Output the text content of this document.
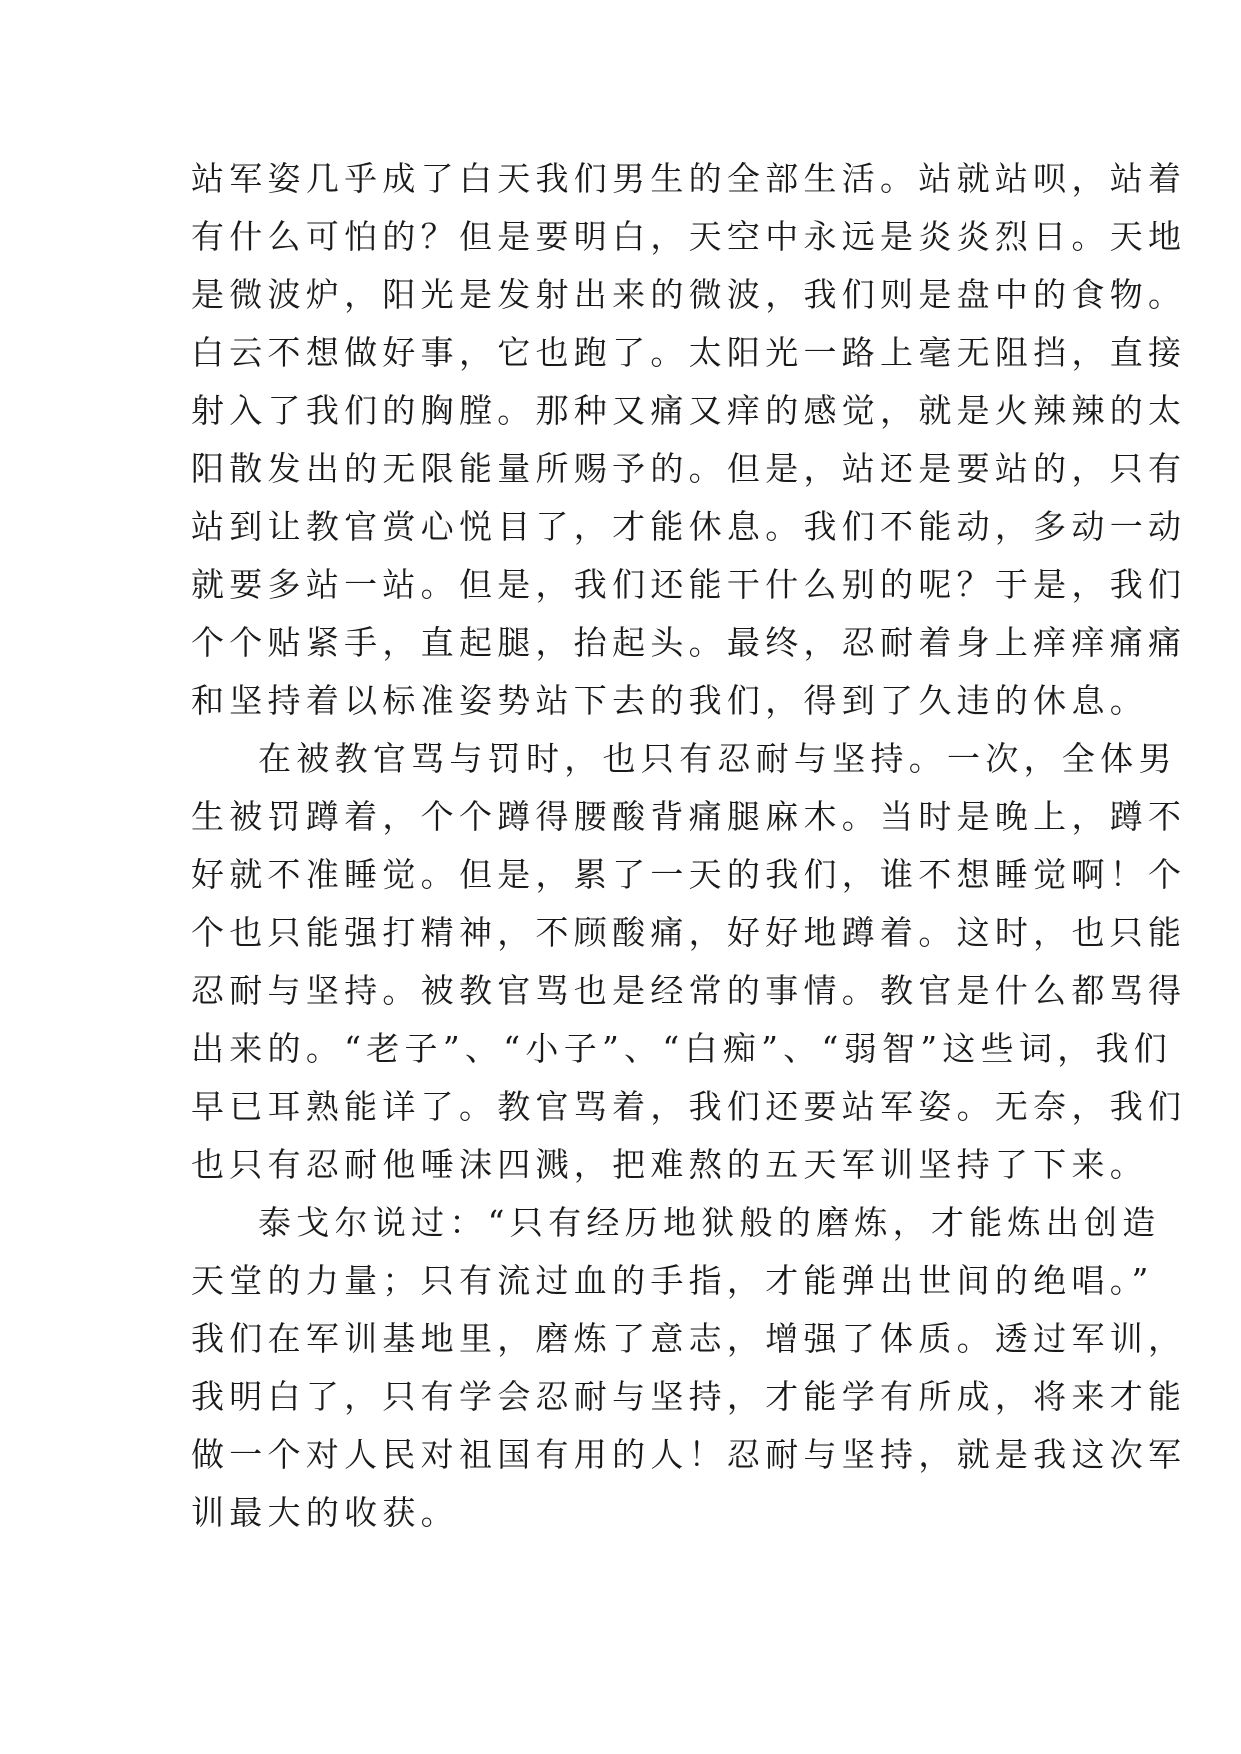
站军姿几乎成了白天我们男生的全部生活。站就站呗，站着
有什么可怕的？但是要明白，天空中永远是炎炎烈日。天地
是微波炉，阳光是发射出来的微波，我们则是盘中的食物。
白云不想做好事，它也跑了。太阳光一路上毫无阻挡，直接
射入了我们的胸膛。那种又痛又痒的感觉，就是火辣辣的太
阳散发出的无限能量所赐予的。但是，站还是要站的，只有
站到让教官赏心悦目了，才能休息。我们不能动，多动一动
就要多站一站。但是，我们还能干什么别的呢？于是，我们
个个贴紧手，直起腿，抬起头。最终，忍耐着身上痒痒痛痛
和坚持着以标准姿势站下去的我们，得到了久违的休息。
在被教官骂与罚时，也只有忍耐与坚持。一次，全体男
生被罚蹲着，个个蹲得腰酸背痛腿麻木。当时是晚上，蹲不
好就不准睡觉。但是，累了一天的我们，谁不想睡觉啊！个
个也只能强打精神，不顾酸痛，好好地蹲着。这时，也只能
忍耐与坚持。被教官骂也是经常的事情。教官是什么都骂得
出来的。“老子”、“小子”、“白痴”、“弱智”这些词，我们
早已耳熟能详了。教官骂着，我们还要站军姿。无奈，我们
也只有忍耐他唾沫四溅，把难熬的五天军训坚持了下来。
泰戈尔说过：“只有经历地狱般的磨炼，才能炼出创造
天堂的力量；只有流过血的手指，才能弹出世间的绝唱。”
我们在军训基地里，磨炼了意志，增强了体质。透过军训，
我明白了，只有学会忍耐与坚持，才能学有所成，将来才能
做一个对人民对祖国有用的人！忍耐与坚持，就是我这次军
训最大的收获。
